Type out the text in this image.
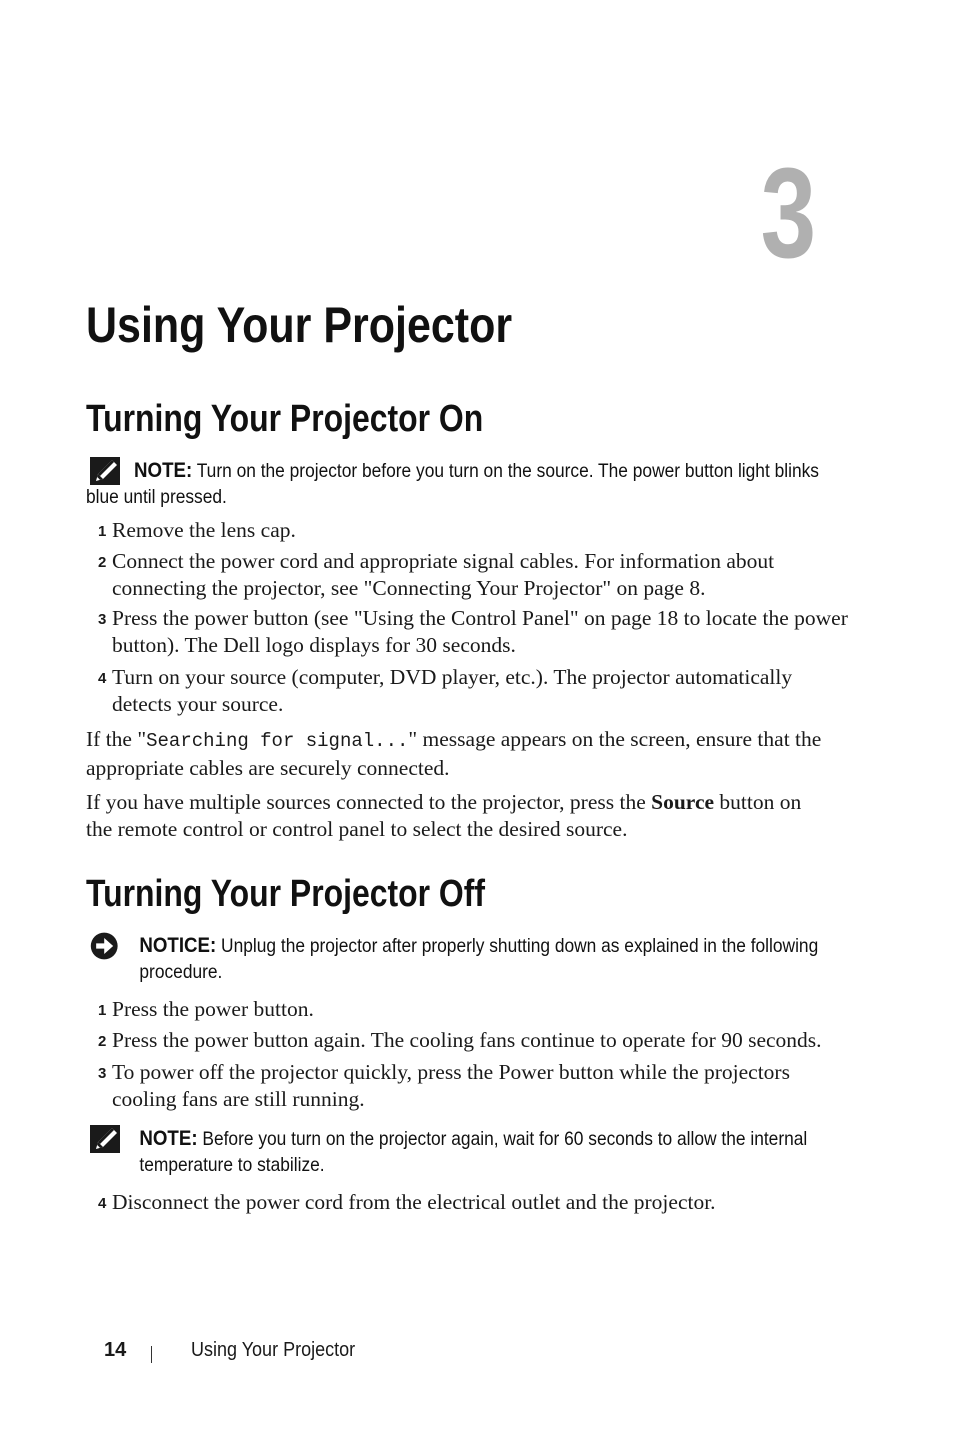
3
Using Your Projector
Turning Your Projector On
NOTE: Turn on the projector before you turn on the source. The power button light blinks blue until pressed.
1 Remove the lens cap.
2 Connect the power cord and appropriate signal cables. For information about connecting the projector, see "Connecting Your Projector" on page 8.
3 Press the power button (see "Using the Control Panel" on page 18 to locate the power button). The Dell logo displays for 30 seconds.
4 Turn on your source (computer, DVD player, etc.). The projector automatically detects your source.
If the "Searching for signal..." message appears on the screen, ensure that the appropriate cables are securely connected.
If you have multiple sources connected to the projector, press the Source button on the remote control or control panel to select the desired source.
Turning Your Projector Off
NOTICE: Unplug the projector after properly shutting down as explained in the following procedure.
1 Press the power button.
2 Press the power button again. The cooling fans continue to operate for 90 seconds.
3 To power off the projector quickly, press the Power button while the projectors cooling fans are still running.
NOTE: Before you turn on the projector again, wait for 60 seconds to allow the internal temperature to stabilize.
4 Disconnect the power cord from the electrical outlet and the projector.
14	Using Your Projector
